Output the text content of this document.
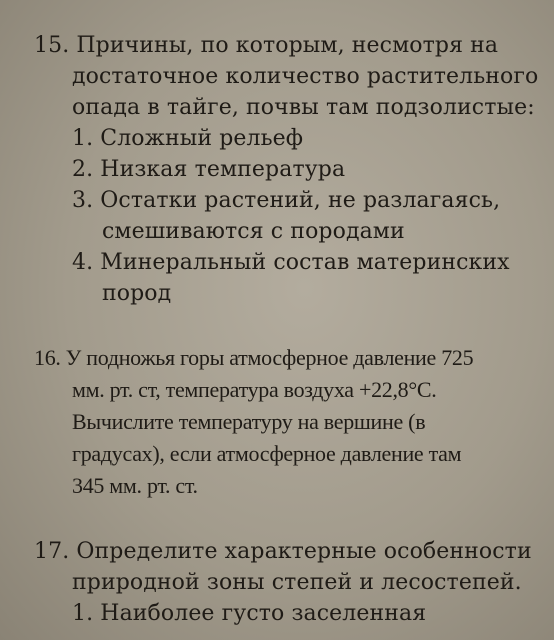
15. Причины, по которым, несмотря на
достаточное количество растительного
опада в тайге, почвы там подзолистые:
1. Сложный рельеф
2. Низкая температура
3. Остатки растений, не разлагаясь,
смешиваются с породами
4. Минеральный состав материнских
пород
16. У подножья горы атмосферное давление 725
мм. рт. ст, температура воздуха +22,8°С.
Вычислите температуру на вершине (в
градусах), если атмосферное давление там
345 мм. рт. ст.
17. Определите характерные особенности
природной зоны степей и лесостепей.
1. Наиболее густо заселенная
